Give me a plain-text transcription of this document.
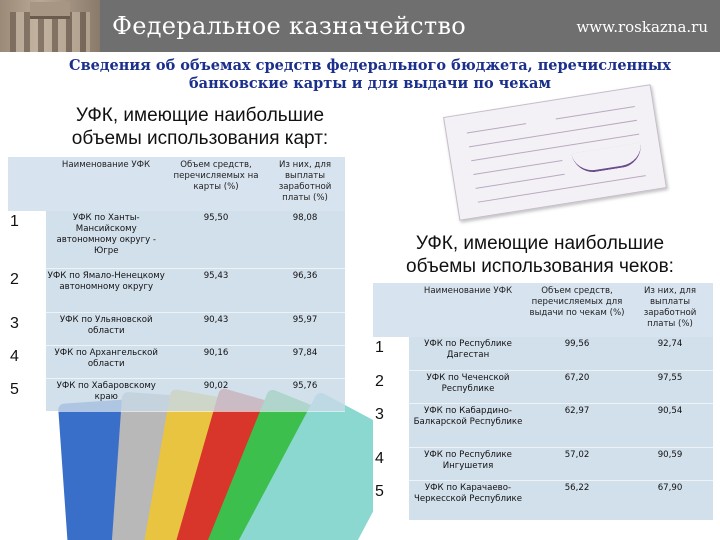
Федеральное казначейство	www.roskazna.ru
Сведения об объемах средств федерального бюджета, перечисленных
банковские карты и для выдачи по чекам
УФК, имеющие наибольшие
объемы использования карт:
УФК, имеющие наибольшие
объемы использования чеков:
	Наименование УФК	Объем средств, перечисляемых на карты (%)	Из них, для выплаты заработной платы (%)
1	УФК по Ханты-Мансийскому автономному округу - Югре	95,50	98,08
2	УФК по Ямало-Ненецкому автономному округу	95,43	96,36
3	УФК по Ульяновской области	90,43	95,97
4	УФК по Архангельской области	90,16	97,84
5	УФК по Хабаровскому краю	90,02	95,76
	Наименование УФК	Объем средств, перечисляемых для выдачи по чекам (%)	Из них, для выплаты заработной платы (%)
1	УФК по Республике Дагестан	99,56	92,74
2	УФК по Чеченской Республике	67,20	97,55
3	УФК по Кабардино-Балкарской Республике	62,97	90,54
4	УФК по Республике Ингушетия	57,02	90,59
5	УФК по Карачаево-Черкесской Республике	56,22	67,90
